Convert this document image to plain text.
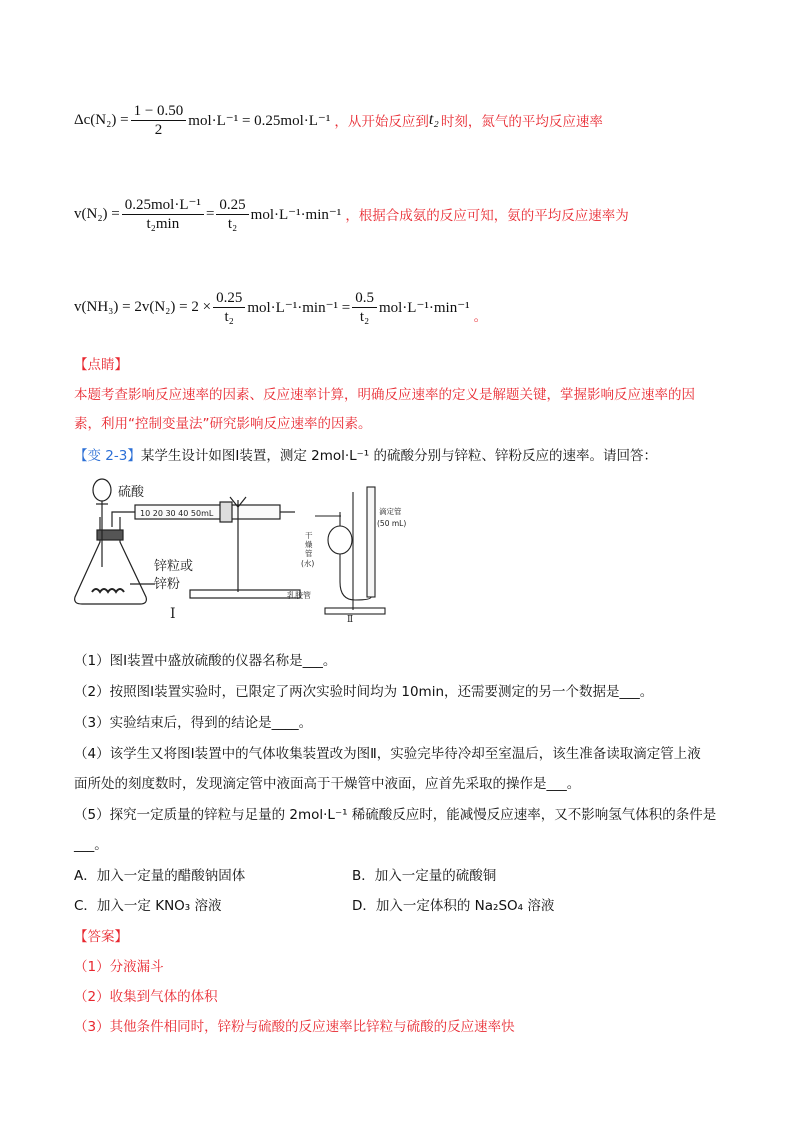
$\Delta c(N_2) = \frac{1 - 0.50}{2} mol\cdot L^{-1} = 0.25mol\cdot L^{-1}$ ，从开始反应到 t₂ 时刻，氮气的平均反应速率
$v(N_2) = \frac{\text{0.25mol·L⁻¹}}{\text{t₂min}} = \frac{0.25}{\text{t₂}} mol\cdot L^{-1}\cdot\min^{-1}$ ，根据合成氨的反应可知，氨的平均反应速率为
$v(NH_3) = 2v(N_2) = 2 \times \frac{0.25}{\text{t₂}} mol\cdot L^{-1}\cdot\min^{-1} = \frac{0.5}{\text{t₂}} mol\cdot L^{-1}\cdot\min^{-1}$
。
【点睛】
本题考查影响反应速率的因素、反应速率计算，明确反应速率的定义是解题关键，掌握影响反应速率的因
素，利用“控制变量法”研究影响反应速率的因素。
【变 2-3】某学生设计如图Ⅰ装置，测定 2mol·L⁻¹ 的硫酸分别与锌粒、锌粉反应的速率。请回答：
10 20 30 40 50mL
硫酸
锌粒或
锌粉
Ⅰ
滴定管
(50 mL)
干
燥
管
(水)
乳胶管
Ⅱ
（1）图Ⅰ装置中盛放硫酸的仪器名称是___。
（2）按照图Ⅰ装置实验时，已限定了两次实验时间均为 10min，还需要测定的另一个数据是___。
（3）实验结束后，得到的结论是____。
（4）该学生又将图Ⅰ装置中的气体收集装置改为图Ⅱ，实验完毕待冷却至室温后，该生准备读取滴定管上液
面所处的刻度数时，发现滴定管中液面高于干燥管中液面，应首先采取的操作是___。
（5）探究一定质量的锌粒与足量的 2mol·L⁻¹ 稀硫酸反应时，能减慢反应速率，又不影响氢气体积的条件是
___。
A．加入一定量的醋酸钠固体	B．加入一定量的硫酸铜
C．加入一定 KNO₃ 溶液	D．加入一定体积的 Na₂SO₄ 溶液
【答案】
（1）分液漏斗
（2）收集到气体的体积
（3）其他条件相同时，锌粉与硫酸的反应速率比锌粒与硫酸的反应速率快
